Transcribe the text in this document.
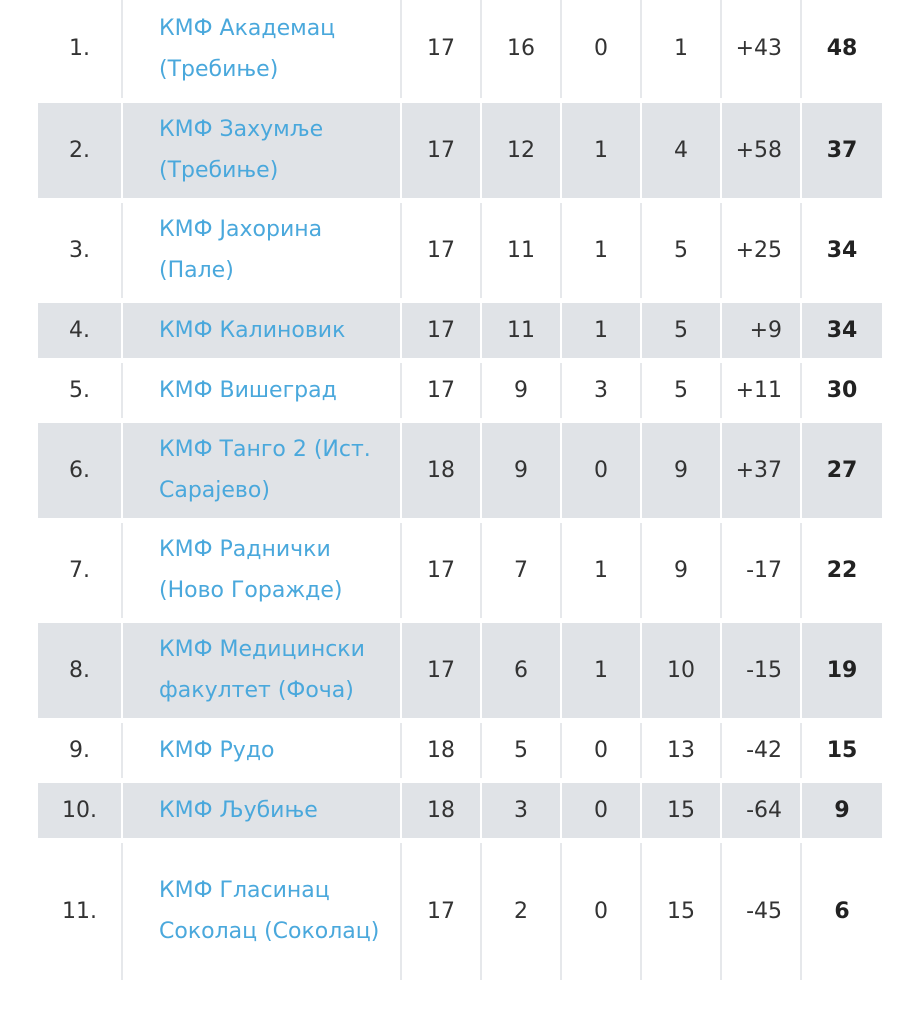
1.	КМФ Академац (Требиње)	17	16	0	1	+43	48
2.	КМФ Захумље (Требиње)	17	12	1	4	+58	37
3.	КМФ Јахорина (Пале)	17	11	1	5	+25	34
4.	КМФ Калиновик	17	11	1	5	+9	34
5.	КМФ Вишеград	17	9	3	5	+11	30
6.	КМФ Танго 2 (Ист. Сарајево)	18	9	0	9	+37	27
7.	КМФ Раднички (Ново Горажде)	17	7	1	9	-17	22
8.	КМФ Медицински факултет (Фоча)	17	6	1	10	-15	19
9.	КМФ Рудо	18	5	0	13	-42	15
10.	КМФ Љубиње	18	3	0	15	-64	9
11.	КМФ Гласинац Соколац (Соколац)	17	2	0	15	-45	6
